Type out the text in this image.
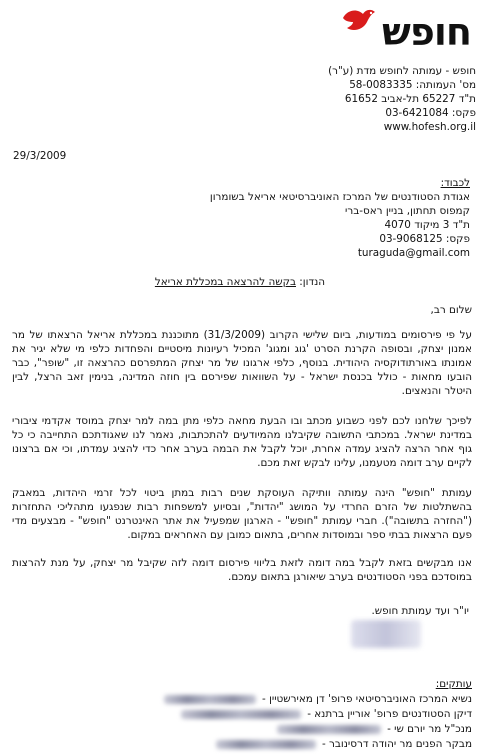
חופש
חופש - עמותה לחופש מדת (ע"ר)
מס' העמותה: 58-0083335
ת"ד 65227 תל-אביב 61652
פקס: 03-6421084
www.hofesh.org.il
29/3/2009
לכבוד:
אגודת הסטודנטים של המרכז האוניברסיטאי אריאל בשומרון
קמפוס תחתון, בניין ראס-ברי
ת"ד 3 מיקוד 4070
פקס: 03-9068125
turaguda@gmail.com
הנדון: בקשה להרצאה במכללת אריאל
שלום רב,

על פי פירסומים במודעות, ביום שלישי הקרוב (31/3/2009) מתוכננת במכללת אריאל הרצאתו של מר אמנון יצחק, ובסופה הקרנת הסרט 'גוג ומגוג' המכיל רעיונות מיסטיים והפחדות כלפי מי שלא יגיר את אמונתו באורתודוקסיה היהודית. בנוסף, כלפי ארגונו של מר יצחק המתפרסם כהרצאה זו, "שופר", כבר הובעו מחאות - כולל בכנסת ישראל - על השוואות שפירסם בין חוזה המדינה, בנימין זאב הרצל, לבין היטלר והנאצים.

לפיכך שלחנו לכם לפני כשבוע מכתב ובו הבעת מחאה כלפי מתן במה למר יצחק במוסד אקדמי ציבורי במדינת ישראל. במכתבי התשובה שקיבלנו מהמיודעים להתכתבות, נאמר לנו שאגודתכם התחייבה כי כל גוף אחר הרצה להציג עמדה אחרת, יוכל לקבל את הבמה בערב אחר כדי להציג עמדתו, וכי אם ברצונו לקיים ערב דומה מטעמנו, עלינו לבקש זאת מכם.

עמותת "חופש" הינה עמותה וותיקה העוסקת שנים רבות במתן ביטוי לכל זרמי היהדות, במאבק בהשתלטות של הזרם החרדי על המושג "יהדות", ובסיוע למשפחות רבות שנפגעו מתהליכי התחזרות ("החזרה בתשובה"). חברי עמותת "חופש" - הארגון שמפעיל את אתר האינטרנט "חופש" - מבצעים מדי פעם הרצאות בבתי ספר ובמוסדות אחרים, בתאום כמובן עם האחראים במקום.

אנו מבקשים בזאת לקבל במה דומה לזאת בליווי פירסום דומה לזה שקיבל מר יצחק, על מנת להרצות במוסדכם בפני הסטודנטים בערב שיאורגן בתאום עמכם.

יו"ר ועד עמותת חופש.
עותקים:
נשיא המרכז האוניברסיטאי פרופ' דן מאירשטיין -
דיקן הסטודנטים פרופ' אוריין ברתנא -
מנכ"ל מר יורם שי -
מבקר הפנים מר יהודה דרסינובר -
